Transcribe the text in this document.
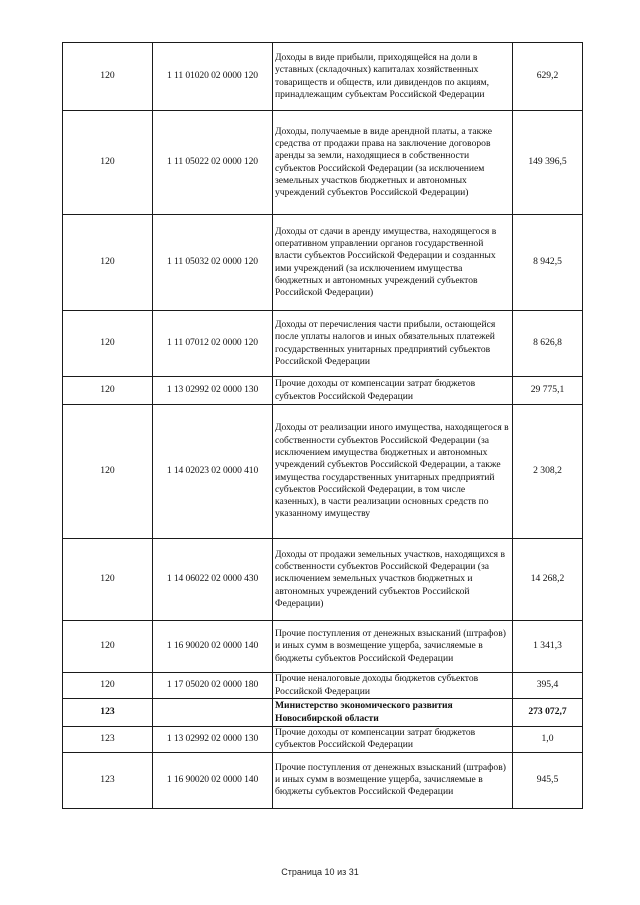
120	1 11 01020 02 0000 120	Доходы в виде прибыли, приходящейся на доли в уставных (складочных) капиталах хозяйственных товариществ и обществ, или дивидендов по акциям, принадлежащим субъектам Российской Федерации	629,2
120	1 11 05022 02 0000 120	Доходы, получаемые в виде арендной платы, а также средства от продажи права на заключение договоров аренды за земли, находящиеся в собственности субъектов Российской Федерации (за исключением земельных участков бюджетных и автономных учреждений субъектов Российской Федерации)	149 396,5
120	1 11 05032 02 0000 120	Доходы от сдачи в аренду имущества, находящегося в оперативном управлении органов государственной власти субъектов Российской Федерации и созданных ими учреждений (за исключением имущества бюджетных и автономных учреждений субъектов Российской Федерации)	8 942,5
120	1 11 07012 02 0000 120	Доходы от перечисления части прибыли, остающейся после уплаты налогов и иных обязательных платежей государственных унитарных предприятий субъектов Российской Федерации	8 626,8
120	1 13 02992 02 0000 130	Прочие доходы от компенсации затрат бюджетов субъектов Российской Федерации	29 775,1
120	1 14 02023 02 0000 410	Доходы от реализации иного имущества, находящегося в собственности субъектов Российской Федерации (за исключением имущества бюджетных и автономных учреждений субъектов Российской Федерации, а также имущества государственных унитарных предприятий субъектов Российской Федерации, в том числе казенных), в части реализации основных средств по указанному имуществу	2 308,2
120	1 14 06022 02 0000 430	Доходы от продажи земельных участков, находящихся в собственности субъектов Российской Федерации (за исключением земельных участков бюджетных и автономных учреждений субъектов Российской Федерации)	14 268,2
120	1 16 90020 02 0000 140	Прочие поступления от денежных взысканий (штрафов) и иных сумм в возмещение ущерба, зачисляемые в бюджеты субъектов Российской Федерации	1 341,3
120	1 17 05020 02 0000 180	Прочие неналоговые доходы бюджетов субъектов Российской Федерации	395,4
123		Министерство экономического развития Новосибирской области	273 072,7
123	1 13 02992 02 0000 130	Прочие доходы от компенсации затрат бюджетов субъектов Российской Федерации	1,0
123	1 16 90020 02 0000 140	Прочие поступления от денежных взысканий (штрафов) и иных сумм в возмещение ущерба, зачисляемые в бюджеты субъектов Российской Федерации	945,5
Страница 10 из 31
